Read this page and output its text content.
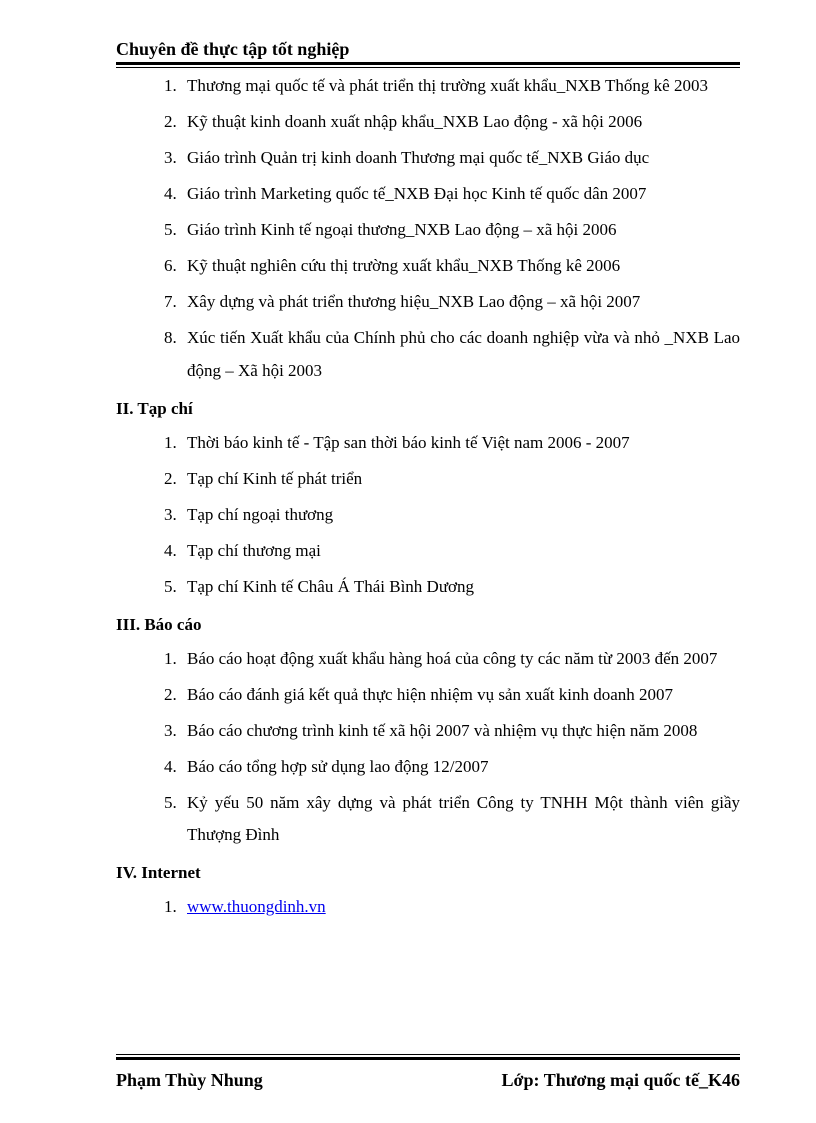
Chuyên đề thực tập tốt nghiệp
1. Thương mại quốc tế và phát triển thị trường xuất khẩu_NXB Thống kê 2003
2. Kỹ thuật kinh doanh xuất nhập khẩu_NXB Lao động - xã hội 2006
3. Giáo trình Quản trị kinh doanh Thương mại quốc tế_NXB Giáo dục
4. Giáo trình Marketing quốc tế_NXB Đại học Kinh tế quốc dân 2007
5. Giáo trình Kinh tế ngoại thương_NXB Lao động – xã hội 2006
6. Kỹ thuật nghiên cứu thị trường xuất khẩu_NXB Thống kê 2006
7. Xây dựng và phát triển thương hiệu_NXB Lao động – xã hội 2007
8. Xúc tiến Xuất khẩu của Chính phủ cho các doanh nghiệp vừa và nhỏ _NXB Lao động – Xã hội 2003
II. Tạp chí
1. Thời báo kinh tế - Tập san thời báo kinh tế Việt nam 2006 - 2007
2. Tạp chí Kinh tế phát triển
3. Tạp chí ngoại thương
4. Tạp chí thương mại
5. Tạp chí Kinh tế Châu Á Thái Bình Dương
III. Báo cáo
1. Báo cáo hoạt động xuất khẩu hàng hoá của công ty các năm từ 2003 đến 2007
2. Báo cáo đánh giá kết quả thực hiện nhiệm vụ sản xuất kinh doanh 2007
3. Báo cáo chương trình kinh tế xã hội 2007 và nhiệm vụ thực hiện năm 2008
4. Báo cáo tổng hợp sử dụng lao động 12/2007
5. Kỷ yếu 50 năm xây dựng và phát triển Công ty TNHH Một thành viên giầy Thượng Đình
IV. Internet
1. www.thuongdinh.vn
Phạm Thùy Nhung	Lớp: Thương mại quốc tế_K46
